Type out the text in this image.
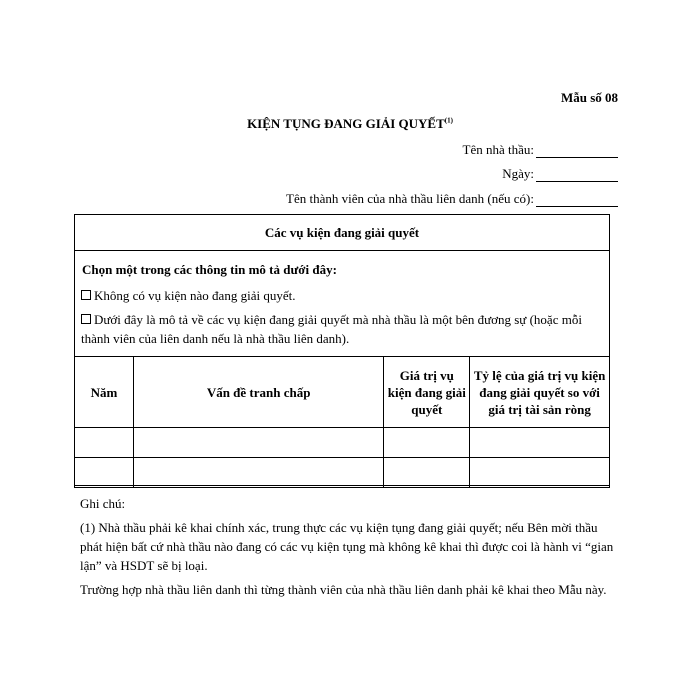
Mẫu số 08
KIỆN TỤNG ĐANG GIẢI QUYẾT$^{(1)}$
Tên nhà thầu:
Ngày:
Tên thành viên của nhà thầu liên danh (nếu có):
Các vụ kiện đang giải quyết
Chọn một trong các thông tin mô tả dưới đây:
Không có vụ kiện nào đang giải quyết.
Dưới đây là mô tả về các vụ kiện đang giải quyết mà nhà thầu là một bên đương sự (hoặc mỗi thành viên của liên danh nếu là nhà thầu liên danh).
Năm	Vấn đề tranh chấp	Giá trị vụ kiện đang giải quyết	Tỷ lệ của giá trị vụ kiện đang giải quyết so với giá trị tài sản ròng

Ghi chú:
(1) Nhà thầu phải kê khai chính xác, trung thực các vụ kiện tụng đang giải quyết; nếu Bên mời thầu phát hiện bất cứ nhà thầu nào đang có các vụ kiện tụng mà không kê khai thì được coi là hành vi “gian lận” và HSDT sẽ bị loại.
Trường hợp nhà thầu liên danh thì từng thành viên của nhà thầu liên danh phải kê khai theo Mẫu này.
